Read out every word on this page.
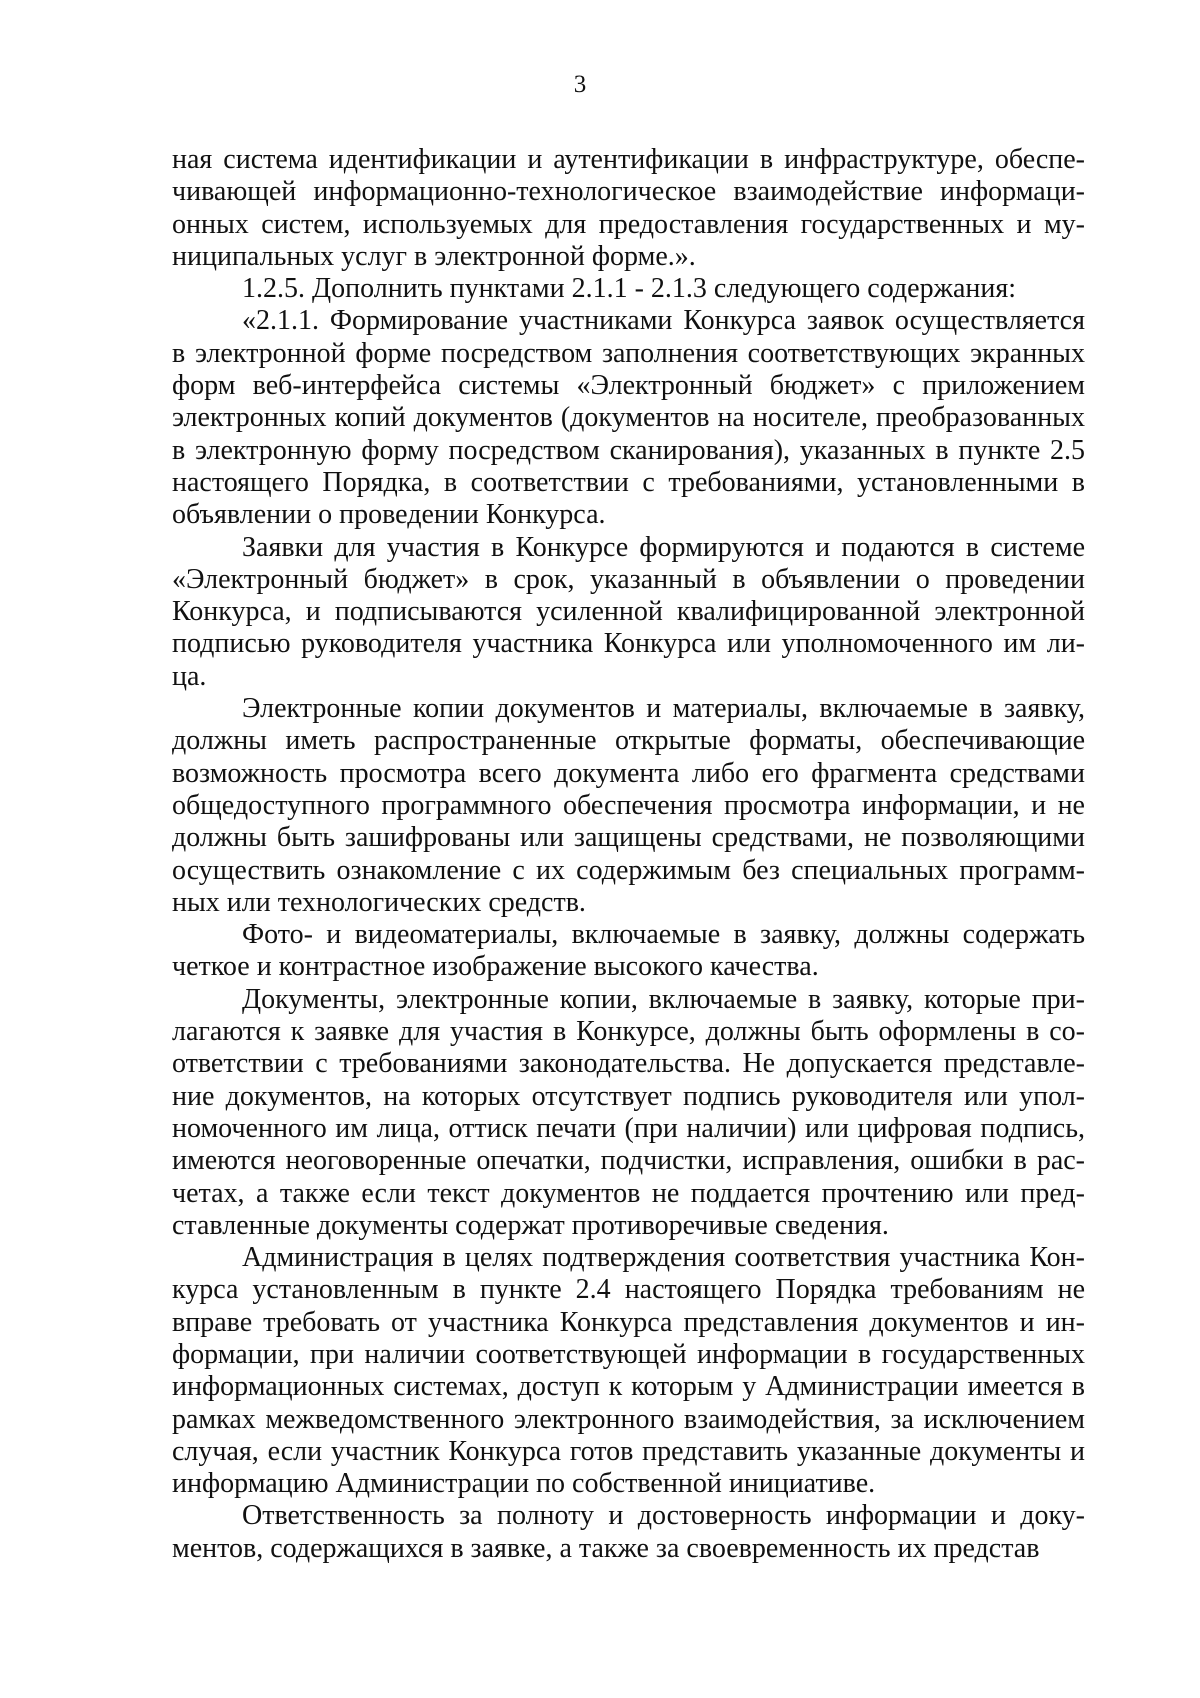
3

ная система идентификации и аутентификации в инфраструктуре, обеспечивающей информационно-технологическое взаимодействие информационных систем, используемых для предоставления государственных и муниципальных услуг в электронной форме.».

1.2.5. Дополнить пунктами 2.1.1 - 2.1.3 следующего содержания:

«2.1.1. Формирование участниками Конкурса заявок осуществляется в электронной форме посредством заполнения соответствующих экранных форм веб-интерфейса системы «Электронный бюджет» с приложением электронных копий документов (документов на носителе, преобразованных в электронную форму посредством сканирования), указанных в пункте 2.5 настоящего Порядка, в соответствии с требованиями, установленными в объявлении о проведении Конкурса.

Заявки для участия в Конкурсе формируются и подаются в системе «Электронный бюджет» в срок, указанный в объявлении о проведении Конкурса, и подписываются усиленной квалифицированной электронной подписью руководителя участника Конкурса или уполномоченного им лица.

Электронные копии документов и материалы, включаемые в заявку, должны иметь распространенные открытые форматы, обеспечивающие возможность просмотра всего документа либо его фрагмента средствами общедоступного программного обеспечения просмотра информации, и не должны быть зашифрованы или защищены средствами, не позволяющими осуществить ознакомление с их содержимым без специальных программных или технологических средств.

Фото- и видеоматериалы, включаемые в заявку, должны содержать четкое и контрастное изображение высокого качества.

Документы, электронные копии, включаемые в заявку, которые прилагаются к заявке для участия в Конкурсе, должны быть оформлены в соответствии с требованиями законодательства. Не допускается представление документов, на которых отсутствует подпись руководителя или уполномоченного им лица, оттиск печати (при наличии) или цифровая подпись, имеются неоговоренные опечатки, подчистки, исправления, ошибки в расчетах, а также если текст документов не поддается прочтению или представленные документы содержат противоречивые сведения.

Администрация в целях подтверждения соответствия участника Конкурса установленным в пункте 2.4 настоящего Порядка требованиям не вправе требовать от участника Конкурса представления документов и информации, при наличии соответствующей информации в государственных информационных системах, доступ к которым у Администрации имеется в рамках межведомственного электронного взаимодействия, за исключением случая, если участник Конкурса готов представить указанные документы и информацию Администрации по собственной инициативе.

Ответственность за полноту и достоверность информации и документов, содержащихся в заявке, а также за своевременность их представ
